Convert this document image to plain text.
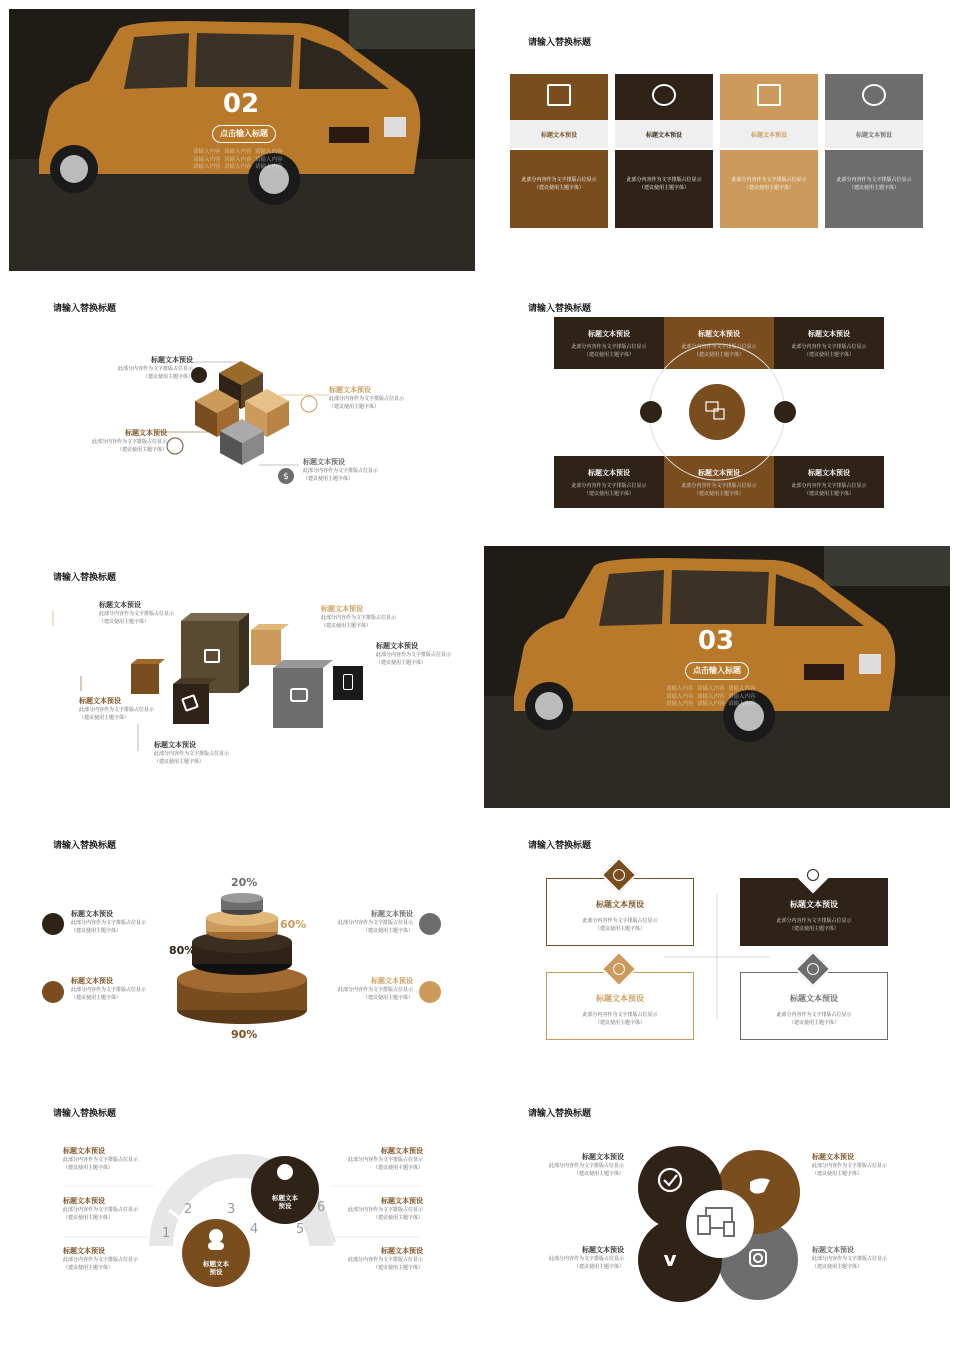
02
点击输入标题
请输入内容  请输入内容  请输入内容
请输入内容  请输入内容  请输入内容
请输入内容  请输入内容  请输入内容
请输入替换标题
标题文本预设
此部分内容作为文字排版占位显示
（建议使用主题字体）
标题文本预设
此部分内容作为文字排版占位显示
（建议使用主题字体）
标题文本预设
此部分内容作为文字排版占位显示
（建议使用主题字体）
标题文本预设
此部分内容作为文字排版占位显示
（建议使用主题字体）
请输入替换标题
$
标题文本预设
此部分内容作为文字排版占位显示
（建议使用主题字体）
标题文本预设
此部分内容作为文字排版占位显示
（建议使用主题字体）
标题文本预设
此部分内容作为文字排版占位显示
（建议使用主题字体）
标题文本预设
此部分内容作为文字排版占位显示
（建议使用主题字体）
请输入替换标题
标题文本预设
此部分内容作为文字排版占位显示
（建议使用主题字体）
标题文本预设
此部分内容作为文字排版占位显示
（建议使用主题字体）
标题文本预设
此部分内容作为文字排版占位显示
（建议使用主题字体）
标题文本预设
此部分内容作为文字排版占位显示
（建议使用主题字体）
标题文本预设
此部分内容作为文字排版占位显示
（建议使用主题字体）
标题文本预设
此部分内容作为文字排版占位显示
（建议使用主题字体）
请输入替换标题
标题文本预设
此部分内容作为文字排版占位显示
（建议使用主题字体）
标题文本预设
此部分内容作为文字排版占位显示
（建议使用主题字体）
标题文本预设
此部分内容作为文字排版占位显示
（建议使用主题字体）
标题文本预设
此部分内容作为文字排版占位显示
（建议使用主题字体）
标题文本预设
此部分内容作为文字排版占位显示
（建议使用主题字体）
03
点击输入标题
请输入内容  请输入内容  请输入内容
请输入内容  请输入内容  请输入内容
请输入内容  请输入内容  请输入内容
请输入替换标题
20%
60%
80%
90%
标题文本预设
此部分内容作为文字排版占位显示
（建议使用主题字体）
标题文本预设
此部分内容作为文字排版占位显示
（建议使用主题字体）
标题文本预设
此部分内容作为文字排版占位显示
（建议使用主题字体）
标题文本预设
此部分内容作为文字排版占位显示
（建议使用主题字体）
请输入替换标题
标题文本预设
此部分内容作为文字排版占位显示
（建议使用主题字体）
标题文本预设
此部分内容作为文字排版占位显示
（建议使用主题字体）
标题文本预设
此部分内容作为文字排版占位显示
（建议使用主题字体）
标题文本预设
此部分内容作为文字排版占位显示
（建议使用主题字体）
请输入替换标题
1
2	3
4	5
6
标题文本
预设
标题文本
预设
标题文本预设
此部分内容作为文字排版占位显示
（建议使用主题字体）
标题文本预设
此部分内容作为文字排版占位显示
（建议使用主题字体）
标题文本预设
此部分内容作为文字排版占位显示
（建议使用主题字体）
标题文本预设
此部分内容作为文字排版占位显示
（建议使用主题字体）
标题文本预设
此部分内容作为文字排版占位显示
（建议使用主题字体）
标题文本预设
此部分内容作为文字排版占位显示
（建议使用主题字体）
请输入替换标题
v
标题文本预设
此部分内容作为文字排版占位显示
（建议使用主题字体）
标题文本预设
此部分内容作为文字排版占位显示
（建议使用主题字体）
标题文本预设
此部分内容作为文字排版占位显示
（建议使用主题字体）
标题文本预设
此部分内容作为文字排版占位显示
（建议使用主题字体）
